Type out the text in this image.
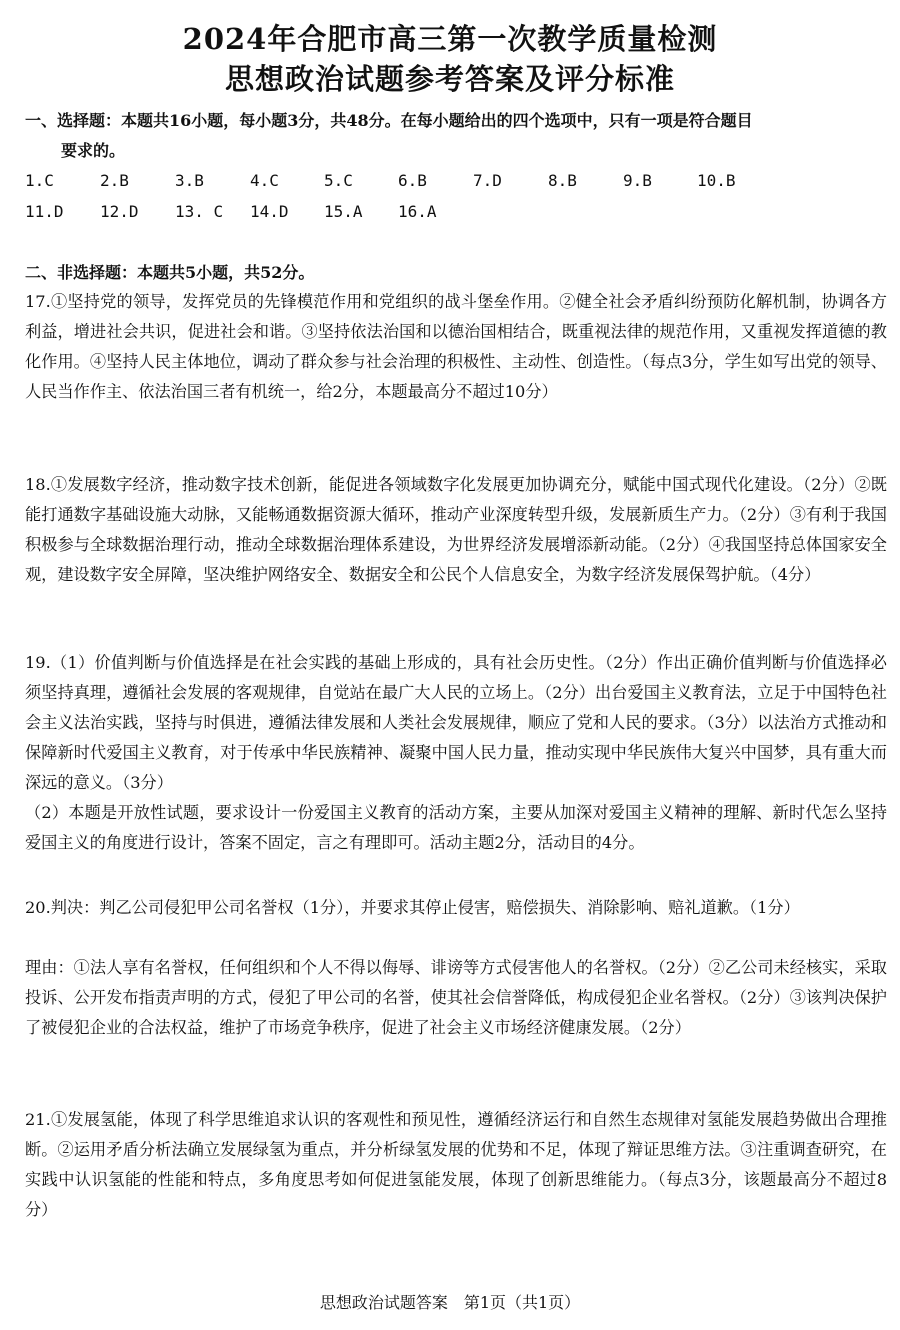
2024年合肥市高三第一次教学质量检测
思想政治试题参考答案及评分标准
一、选择题：本题共16小题，每小题3分，共48分。在每小题给出的四个选项中，只有一项是符合题目
要求的。
1.C	2.B	3.B	4.C	5.C	6.B	7.D	8.B	9.B	10.B
11.D 12.D 13. C 14.D 15.A 16.A
二、非选择题：本题共5小题，共52分。
17.①坚持党的领导，发挥党员的先锋模范作用和党组织的战斗堡垒作用。②健全社会矛盾纠纷预防化解机制，协调各方利益，增进社会共识，促进社会和谐。③坚持依法治国和以德治国相结合，既重视法律的规范作用，又重视发挥道德的教化作用。④坚持人民主体地位，调动了群众参与社会治理的积极性、主动性、创造性。（每点3分，学生如写出党的领导、人民当作作主、依法治国三者有机统一，给2分，本题最高分不超过10分）
18.①发展数字经济，推动数字技术创新，能促进各领域数字化发展更加协调充分，赋能中国式现代化建设。（2分）②既能打通数字基础设施大动脉，又能畅通数据资源大循环，推动产业深度转型升级，发展新质生产力。（2分）③有利于我国积极参与全球数据治理行动，推动全球数据治理体系建设，为世界经济发展增添新动能。（2分）④我国坚持总体国家安全观，建设数字安全屏障，坚决维护网络安全、数据安全和公民个人信息安全，为数字经济发展保驾护航。（4分）
19.（1）价值判断与价值选择是在社会实践的基础上形成的，具有社会历史性。（2分）作出正确价值判断与价值选择必须坚持真理，遵循社会发展的客观规律，自觉站在最广大人民的立场上。（2分）出台爱国主义教育法，立足于中国特色社会主义法治实践，坚持与时俱进，遵循法律发展和人类社会发展规律，顺应了党和人民的要求。（3分）以法治方式推动和保障新时代爱国主义教育，对于传承中华民族精神、凝聚中国人民力量，推动实现中华民族伟大复兴中国梦，具有重大而深远的意义。（3分）
（2）本题是开放性试题，要求设计一份爱国主义教育的活动方案，主要从加深对爱国主义精神的理解、新时代怎么坚持爱国主义的角度进行设计，答案不固定，言之有理即可。活动主题2分，活动目的4分。
20.判决：判乙公司侵犯甲公司名誉权（1分），并要求其停止侵害，赔偿损失、消除影响、赔礼道歉。（1分）
理由：①法人享有名誉权，任何组织和个人不得以侮辱、诽谤等方式侵害他人的名誉权。（2分）②乙公司未经核实，采取投诉、公开发布指责声明的方式，侵犯了甲公司的名誉，使其社会信誉降低，构成侵犯企业名誉权。（2分）③该判决保护了被侵犯企业的合法权益，维护了市场竞争秩序，促进了社会主义市场经济健康发展。（2分）
21.①发展氢能，体现了科学思维追求认识的客观性和预见性，遵循经济运行和自然生态规律对氢能发展趋势做出合理推断。②运用矛盾分析法确立发展绿氢为重点，并分析绿氢发展的优势和不足，体现了辩证思维方法。③注重调查研究，在实践中认识氢能的性能和特点，多角度思考如何促进氢能发展，体现了创新思维能力。（每点3分，该题最高分不超过8分）
思想政治试题答案　第1页（共1页）
